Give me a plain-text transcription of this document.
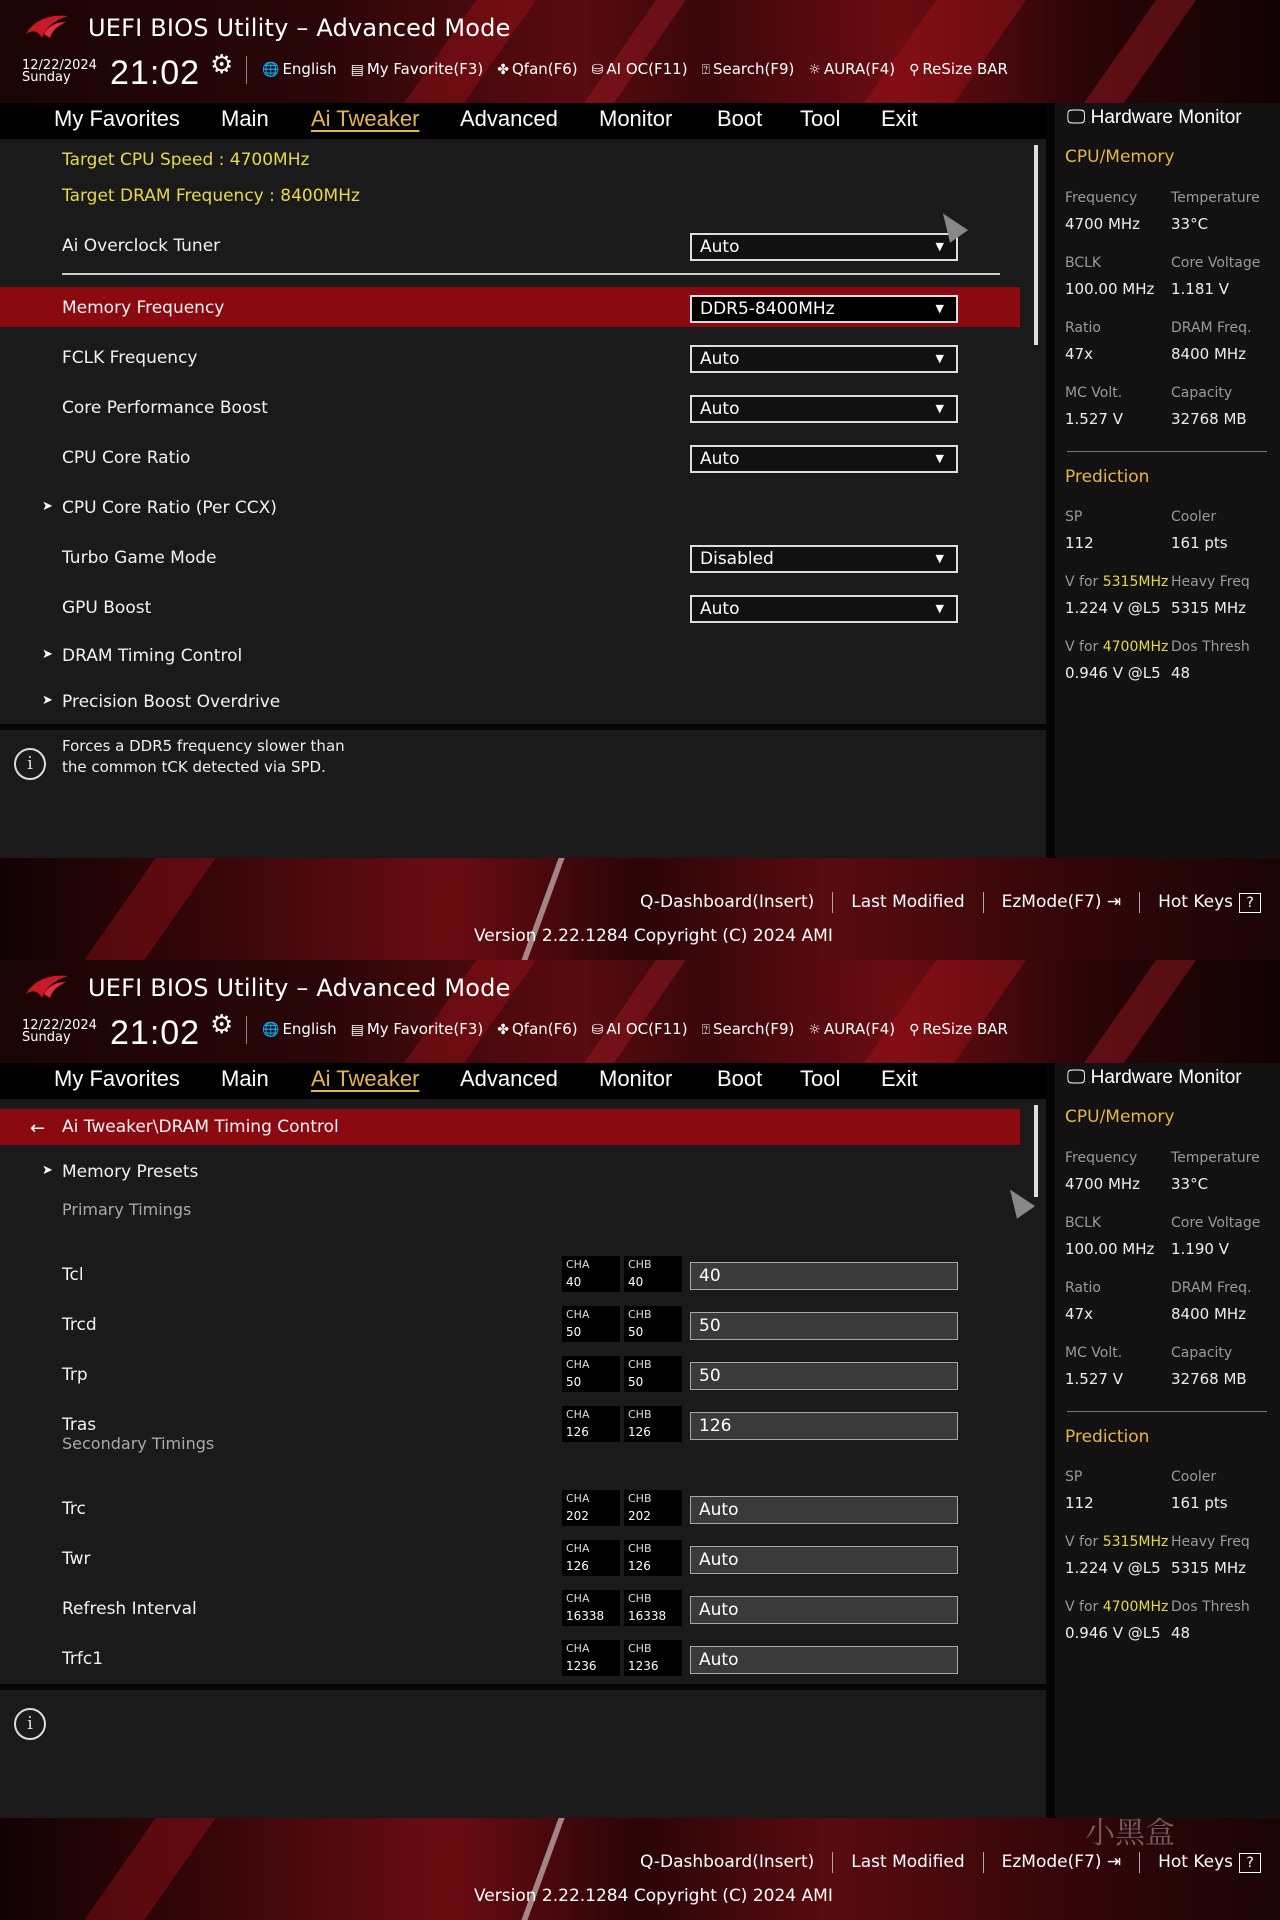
UEFI BIOS Utility – Advanced Mode
12/22/2024
Sunday	21:02 ⚙ 🌐 English ▤ My Favorite(F3) ✤ Qfan(F6) ⛁ AI OC(F11) ⍰ Search(F9) ☼ AURA(F4) ⚲ ReSize BAR
My Favorites Main Ai Tweaker Advanced Monitor Boot Tool Exit
Target CPU Speed : 4700MHz
Target DRAM Frequency : 8400MHz
Ai Overclock Tuner	Auto	▼
Memory Frequency	DDR5-8400MHz	▼
FCLK Frequency	Auto	▼
Core Performance Boost	Auto	▼
CPU Core Ratio	Auto	▼
➤ CPU Core Ratio (Per CCX)
Turbo Game Mode	Disabled	▼
GPU Boost	Auto	▼
➤ DRAM Timing Control
➤ Precision Boost Overdrive
i
Forces a DDR5 frequency slower than the common tCK detected via SPD.
🖵 Hardware Monitor
CPU/Memory
Frequency
4700 MHz
Temperature
33°C
BCLK
100.00 MHz
Core Voltage
1.181 V
Ratio
47x
DRAM Freq.
8400 MHz
MC Volt.
1.527 V
Capacity
32768 MB
Prediction
SP
112
Cooler
161 pts
V for 5315MHz
1.224 V @L5
Heavy Freq
5315 MHz
V for 4700MHz
0.946 V @L5
Dos Thresh
48
Q-Dashboard(Insert)	Last Modified	EzMode(F7) ⇥	Hot Keys ?
Version 2.22.1284 Copyright (C) 2024 AMI
UEFI BIOS Utility – Advanced Mode
12/22/2024
Sunday	21:02 ⚙ 🌐 English ▤ My Favorite(F3) ✤ Qfan(F6) ⛁ AI OC(F11) ⍰ Search(F9) ☼ AURA(F4) ⚲ ReSize BAR
My Favorites Main Ai Tweaker Advanced Monitor Boot Tool Exit
← Ai Tweaker\DRAM Timing Control
➤ Memory Presets
Primary Timings
Secondary Timings
Tcl
CHA
40
CHB
40	40
Trcd
CHA
50
CHB
50	50
Trp
CHA
50
CHB
50	50
Tras
CHA
126
CHB
126	126
Trc
CHA
202
CHB
202	Auto
Twr
CHA
126
CHB
126	Auto
Refresh Interval
CHA
16338
CHB
16338	Auto
Trfc1
CHA
1236
CHB
1236	Auto
i
🖵 Hardware Monitor
CPU/Memory
Frequency
4700 MHz
Temperature
33°C
BCLK
100.00 MHz
Core Voltage
1.190 V
Ratio
47x
DRAM Freq.
8400 MHz
MC Volt.
1.527 V
Capacity
32768 MB
Prediction
SP
112
Cooler
161 pts
V for 5315MHz
1.224 V @L5
Heavy Freq
5315 MHz
V for 4700MHz
0.946 V @L5
Dos Thresh
48
Q-Dashboard(Insert)	Last Modified	EzMode(F7) ⇥	Hot Keys ?
Version 2.22.1284 Copyright (C) 2024 AMI
小黑盒
